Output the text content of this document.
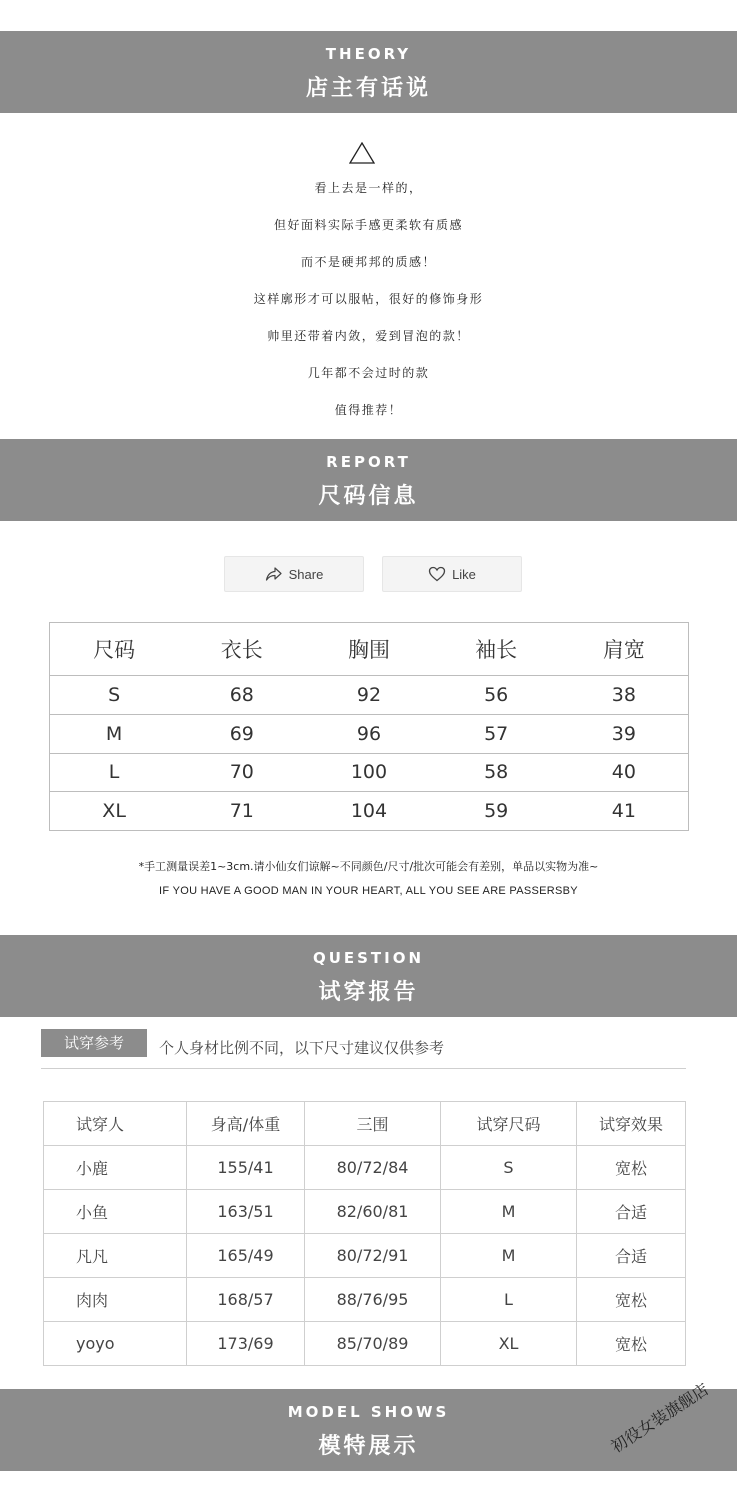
THEORY
店主有话说
看上去是一样的，
但好面料实际手感更柔软有质感
而不是硬邦邦的质感！
这样廓形才可以服帖，很好的修饰身形
帅里还带着内敛，爱到冒泡的款！
几年都不会过时的款
值得推荐！
REPORT
尺码信息
Share	Like
尺码	衣长	胸围	袖长	肩宽
S	68	92	56	38
M	69	96	57	39
L	70	100	58	40
XL	71	104	59	41
*手工测量误差1~3cm.请小仙女们谅解~不同颜色/尺寸/批次可能会有差别，单品以实物为准~
IF YOU HAVE A GOOD MAN IN YOUR HEART, ALL YOU SEE ARE PASSERSBY
QUESTION
试穿报告
试穿参考	个人身材比例不同，以下尺寸建议仅供参考
试穿人	身高/体重	三围	试穿尺码	试穿效果
小鹿	155/41	80/72/84	S	宽松
小鱼	163/51	82/60/81	M	合适
凡凡	165/49	80/72/91	M	合适
肉肉	168/57	88/76/95	L	宽松
yoyo	173/69	85/70/89	XL	宽松
MODEL SHOWS
模特展示	初役女装旗舰店
